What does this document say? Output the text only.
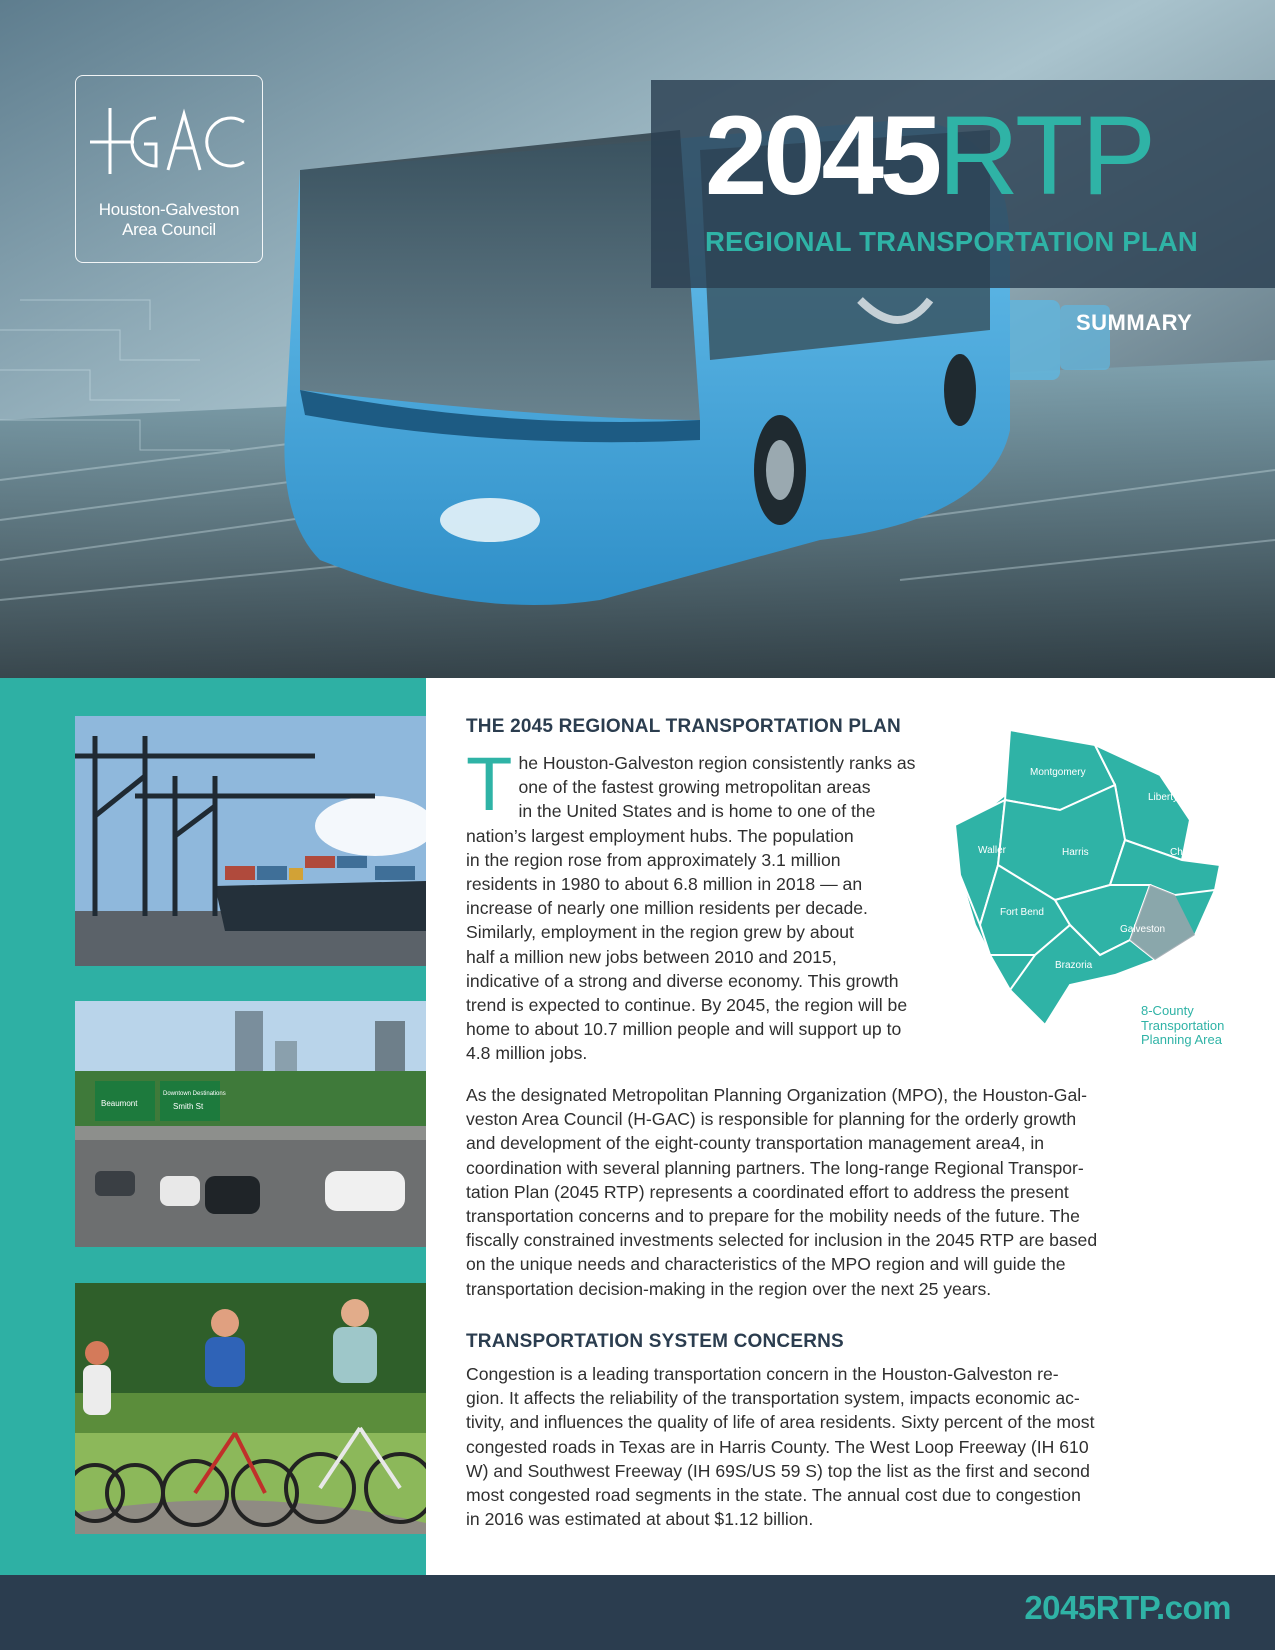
Houston-Galveston
Area Council
2045RTP
REGIONAL TRANSPORTATION PLAN
SUMMARY
Beaumont
Downtown Destinations
Smith St
THE 2045 REGIONAL TRANSPORTATION PLAN
T he Houston-Galveston region consistently ranks as
one of the fastest growing metropolitan areas
in the United States and is home to one of the
nation’s largest employment hubs. The population
in the region rose from approximately 3.1 million
residents in 1980 to about 6.8 million in 2018 — an
increase of nearly one million residents per decade.
Similarly, employment in the region grew by about
half a million new jobs between 2010 and 2015,
indicative of a strong and diverse economy. This growth
trend is expected to continue. By 2045, the region will be
home to about 10.7 million people and will support up to
4.8 million jobs.
Montgomery
Liberty
Waller	Harris	Chambers
Fort Bend
Galveston
Brazoria
8-County
Transportation
Planning Area
As the designated Metropolitan Planning Organization (MPO), the Houston-Gal-
veston Area Council (H-GAC) is responsible for planning for the orderly growth
and development of the eight-county transportation management area4, in
coordination with several planning partners. The long-range Regional Transpor-
tation Plan (2045 RTP) represents a coordinated effort to address the present
transportation concerns and to prepare for the mobility needs of the future. The
fiscally constrained investments selected for inclusion in the 2045 RTP are based
on the unique needs and characteristics of the MPO region and will guide the
transportation decision-making in the region over the next 25 years.
TRANSPORTATION SYSTEM CONCERNS
Congestion is a leading transportation concern in the Houston-Galveston re-
gion. It affects the reliability of the transportation system, impacts economic ac-
tivity, and influences the quality of life of area residents. Sixty percent of the most
congested roads in Texas are in Harris County. The West Loop Freeway (IH 610
W) and Southwest Freeway (IH 69S/US 59 S) top the list as the first and second
most congested road segments in the state. The annual cost due to congestion
in 2016 was estimated at about $1.12 billion.
2045RTP.com
